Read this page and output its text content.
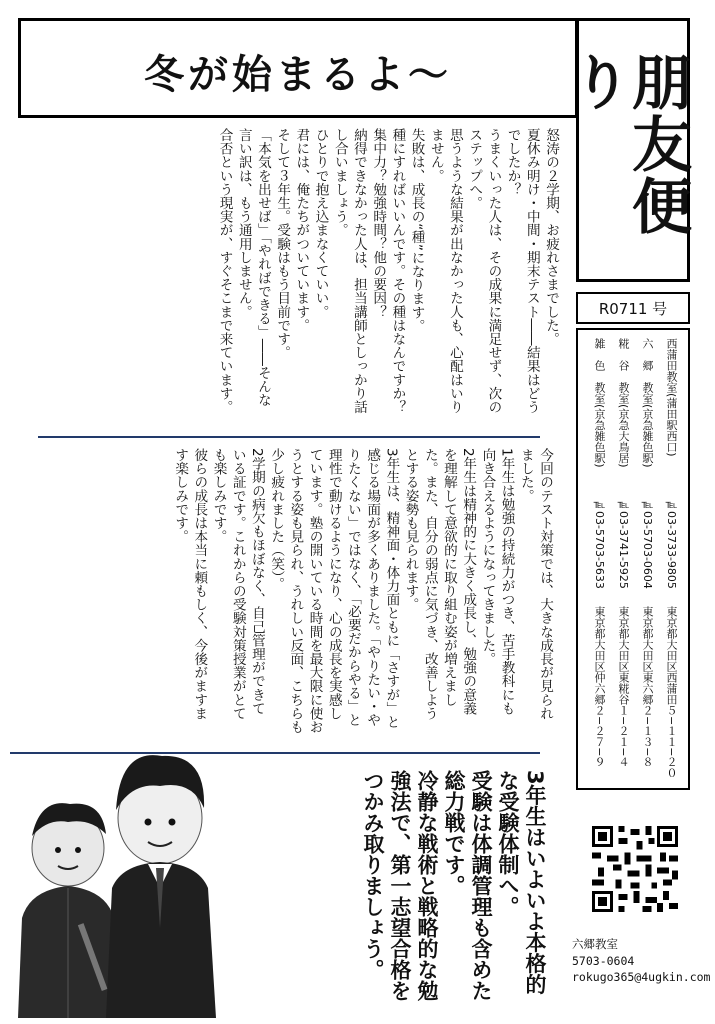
冬が始まるよ～	朋友便り
R0711 号
西蒲田教室(蒲田駅西口)
六　郷　教室(京急雑色駅)
糀　谷　教室(京急大鳥居)
雑　色　教室(京急雑色駅)
℡03-3733-9805
℡03-5703-0604
℡03-3741-5925
℡03-5703-5633
東京都大田区西蒲田５−１１−２０
東京都大田区東六郷２−１３−８
東京都大田区東糀谷１−２１−４
東京都大田区仲六郷２−２７−９
怒涛の２学期、お疲れさまでした。
夏休み明け・中間・期末テスト――結果はどう
でしたか？
うまくいった人は、その成果に満足せず、次の
ステップへ。
思うような結果が出なかった人も、心配はいり
ません。
失敗は、成長の“種”になります。
種にすればいいんです。その種はなんですか？
集中力？勉強時間？他の要因？
納得できなかった人は、担当講師としっかり話
し合いましょう。
ひとりで抱え込まなくていい。
君には、俺たちがついています。
そして３年生。受験はもう目前です。
「本気を出せば」「やればできる」――そんな
言い訳は、もう通用しません。
合否という現実が、すぐそこまで来ています。
今回のテスト対策では、大きな成長が見られ
ました。
1年生は勉強の持続力がつき、苦手教科にも
向き合えるようになってきました。
2年生は精神的に大きく成長し、勉強の意義
を理解して意欲的に取り組む姿が増えまし
た。また、自分の弱点に気づき、改善しよう
とする姿勢も見られます。
3年生は、精神面・体力面ともに「さすが」と
感じる場面が多くありました。「やりたい・や
りたくない」ではなく、「必要だからやる」と
理性で動けるようになり、心の成長を実感し
ています。塾の開いている時間を最大限に使お
うとする姿も見られ、うれしい反面、こちらも
少し疲れました（笑）。
2学期の病欠もほぼなく、自己管理ができて
いる証です。これからの受験対策授業がとて
も楽しみです。
彼らの成長は本当に頼もしく、今後がますま
す楽しみです。
3年生はいよいよ本格的
な受験体制へ。
受験は体調管理も含めた
総力戦です。
冷静な戦術と戦略的な勉
強法で、第一志望合格を
つかみ取りましょう。	六郷教室
5703-0604
rokugo365@4ugkin.com
